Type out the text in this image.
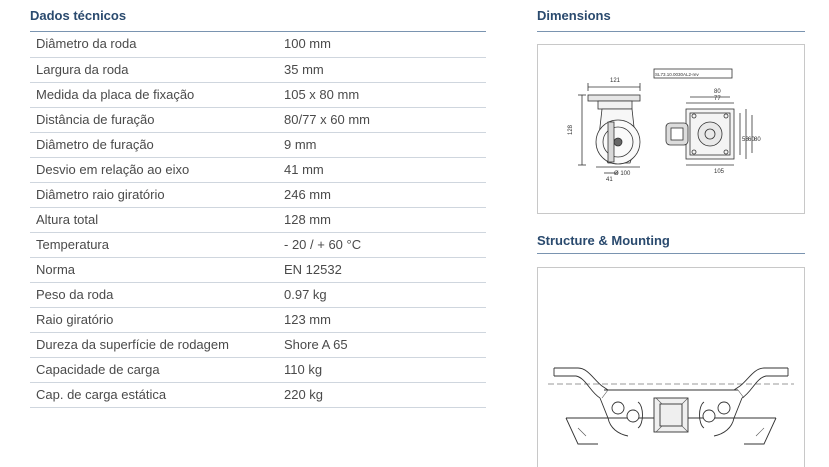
Dados técnicos
Diâmetro da roda	100 mm
Largura da roda	35 mm
Medida da placa de fixação	105 x 80 mm
Distância de furação	80/77 x 60 mm
Diâmetro de furação	9 mm
Desvio em relação ao eixo	41 mm
Diâmetro raio giratório	246 mm
Altura total	128 mm
Temperatura	- 20 / + 60 °C
Norma	EN 12532
Peso da roda	0.97 kg
Raio giratório	123 mm
Dureza da superfície de rodagem	Shore A 65
Capacidade de carga	110 kg
Cap. de carga estática	220 kg
Dimensions
121
128
41
Ø 100
80
77
105
58 60 80
SL73.10.0030AL2-rev
Structure & Mounting
